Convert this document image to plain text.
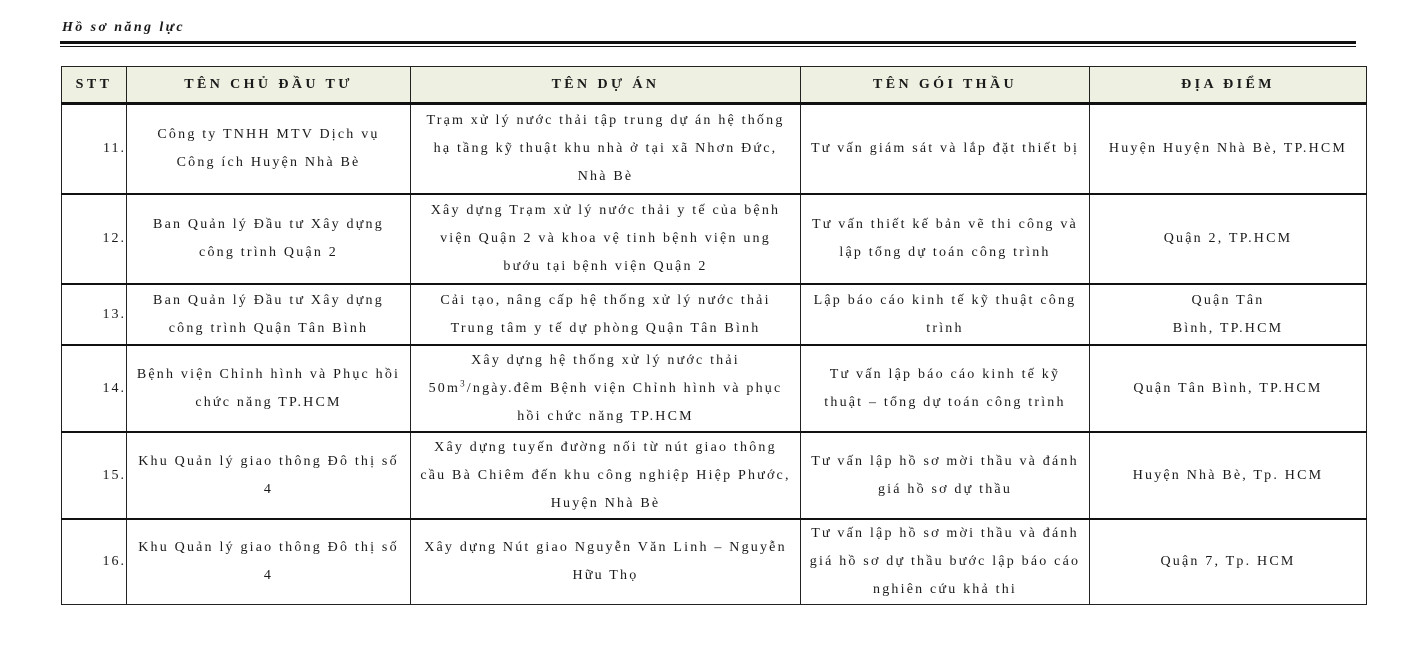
Hồ sơ năng lực
STT	TÊN CHỦ ĐẦU TƯ	TÊN DỰ ÁN	TÊN GÓI THẦU	ĐỊA ĐIỂM
11.	Công ty TNHH MTV Dịch vụ Công ích Huyện Nhà Bè	Trạm xử lý nước thải tập trung dự án hệ thống hạ tầng kỹ thuật khu nhà ở tại xã Nhơn Đức, Nhà Bè	Tư vấn giám sát và lắp đặt thiết bị	Huyện Huyện Nhà Bè, TP.HCM
12.	Ban Quản lý Đầu tư Xây dựng công trình Quận 2	Xây dựng Trạm xử lý nước thải y tế của bệnh viện Quận 2 và khoa vệ tinh bệnh viện ung bướu tại bệnh viện Quận 2	Tư vấn thiết kế bản vẽ thi công và lập tổng dự toán công trình	Quận 2, TP.HCM
13.	Ban Quản lý Đầu tư Xây dựng công trình Quận Tân Bình	Cải tạo, nâng cấp hệ thống xử lý nước thải Trung tâm y tế dự phòng Quận Tân Bình	Lập báo cáo kinh tế kỹ thuật công trình	Quận Tân
Bình, TP.HCM
14.	Bệnh viện Chỉnh hình và Phục hồi chức năng TP.HCM	Xây dựng hệ thống xử lý nước thải $50m^3/ngày.đêm$ Bệnh viện Chỉnh hình và phục hồi chức năng TP.HCM	Tư vấn lập báo cáo kinh tế kỹ thuật – tổng dự toán công trình	Quận Tân Bình, TP.HCM
15.	Khu Quản lý giao thông Đô thị số 4	Xây dựng tuyến đường nối từ nút giao thông cầu Bà Chiêm đến khu công nghiệp Hiệp Phước, Huyện Nhà Bè	Tư vấn lập hồ sơ mời thầu và đánh giá hồ sơ dự thầu	Huyện Nhà Bè, Tp. HCM
16.	Khu Quản lý giao thông Đô thị số 4	Xây dựng Nút giao Nguyễn Văn Linh – Nguyễn Hữu Thọ	Tư vấn lập hồ sơ mời thầu và đánh giá hồ sơ dự thầu bước lập báo cáo nghiên cứu khả thi	Quận 7, Tp. HCM
